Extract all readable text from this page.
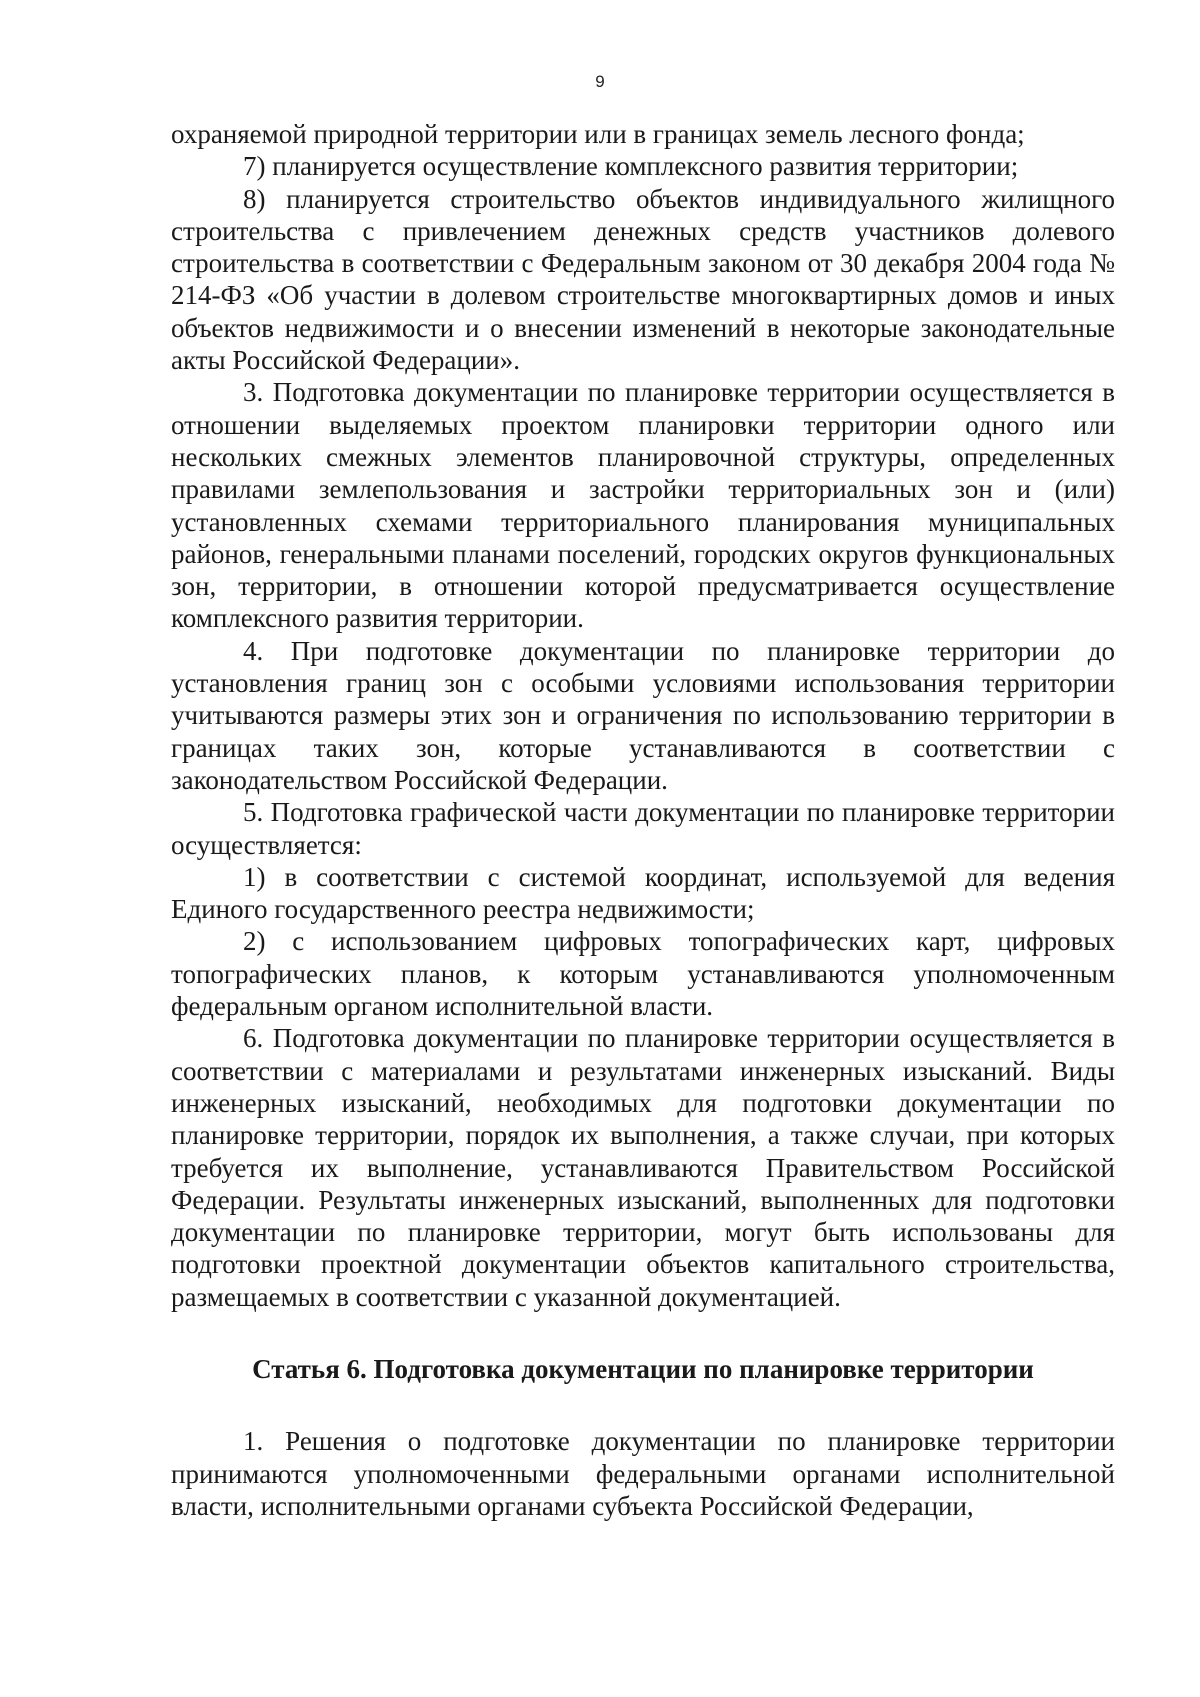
9

охраняемой природной территории или в границах земель лесного фонда;

7) планируется осуществление комплексного развития территории;

8) планируется строительство объектов индивидуального жилищного строительства с привлечением денежных средств участников долевого строительства в соответствии с Федеральным законом от 30 декабря 2004 года № 214-ФЗ «Об участии в долевом строительстве многоквартирных домов и иных объектов недвижимости и о внесении изменений в некоторые законодательные акты Российской Федерации».

3. Подготовка документации по планировке территории осуществляется в отношении выделяемых проектом планировки территории одного или нескольких смежных элементов планировочной структуры, определенных правилами землепользования и застройки территориальных зон и (или) установленных схемами территориального планирования муниципальных районов, генеральными планами поселений, городских округов функциональных зон, территории, в отношении которой предусматривается осуществление комплексного развития территории.

4. При подготовке документации по планировке территории до установления границ зон с особыми условиями использования территории учитываются размеры этих зон и ограничения по использованию территории в границах таких зон, которые устанавливаются в соответствии с законодательством Российской Федерации.

5. Подготовка графической части документации по планировке территории осуществляется:

1) в соответствии с системой координат, используемой для ведения Единого государственного реестра недвижимости;

2) с использованием цифровых топографических карт, цифровых топографических планов, к которым устанавливаются уполномоченным федеральным органом исполнительной власти.

6. Подготовка документации по планировке территории осуществляется в соответствии с материалами и результатами инженерных изысканий. Виды инженерных изысканий, необходимых для подготовки документации по планировке территории, порядок их выполнения, а также случаи, при которых требуется их выполнение, устанавливаются Правительством Российской Федерации. Результаты инженерных изысканий, выполненных для подготовки документации по планировке территории, могут быть использованы для подготовки проектной документации объектов капитального строительства, размещаемых в соответствии с указанной документацией.

Статья 6. Подготовка документации по планировке территории

1. Решения о подготовке документации по планировке территории принимаются уполномоченными федеральными органами исполнительной власти, исполнительными органами субъекта Российской Федерации,
